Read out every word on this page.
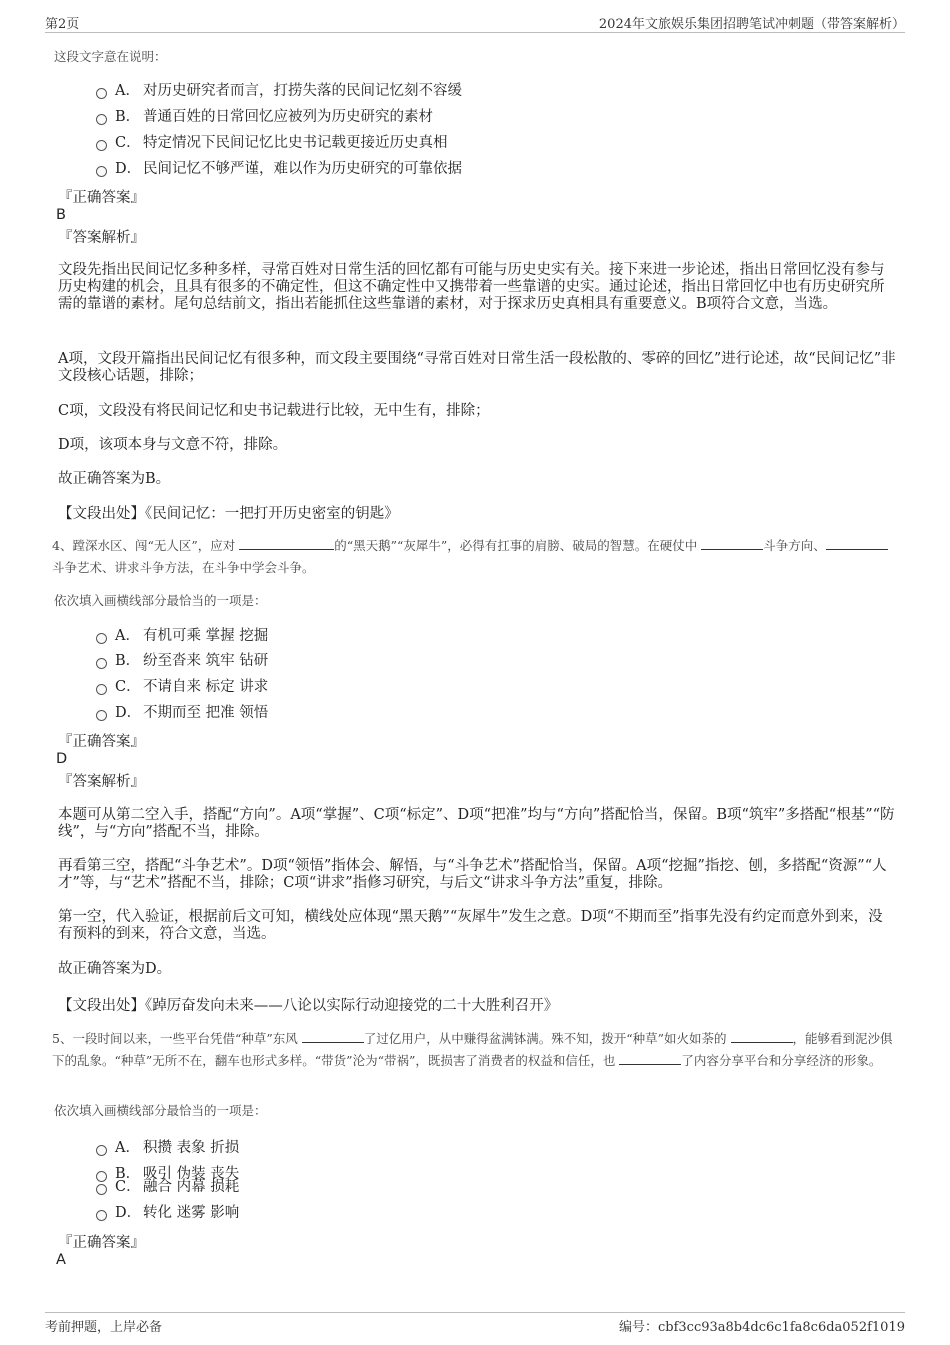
第2页	2024年文旅娱乐集团招聘笔试冲刺题（带答案解析）
这段文字意在说明：
A． 对历史研究者而言，打捞失落的民间记忆刻不容缓
B． 普通百姓的日常回忆应被列为历史研究的素材
C． 特定情况下民间记忆比史书记载更接近历史真相
D． 民间记忆不够严谨，难以作为历史研究的可靠依据
『正确答案』
B
『答案解析』
文段先指出民间记忆多种多样，寻常百姓对日常生活的回忆都有可能与历史史实有关。接下来进一步论述，指出日常回忆没有参与历史构建的机会，且具有很多的不确定性，但这不确定性中又携带着一些靠谱的史实。通过论述，指出日常回忆中也有历史研究所需的靠谱的素材。尾句总结前文，指出若能抓住这些靠谱的素材，对于探求历史真相具有重要意义。B项符合文意，当选。
A项，文段开篇指出民间记忆有很多种，而文段主要围绕“寻常百姓对日常生活一段松散的、零碎的回忆”进行论述，故“民间记忆”非文段核心话题，排除；
C项，文段没有将民间记忆和史书记载进行比较，无中生有，排除；
D项，该项本身与文意不符，排除。
故正确答案为B。
【文段出处】《民间记忆：一把打开历史密室的钥匙》
4、蹚深水区、闯“无人区”，应对	的“黑天鹅”“灰犀牛”，必得有扛事的肩膀、破局的智慧。在硬仗中	斗争方向、斗争艺术、讲求斗争方法，在斗争中学会斗争。
依次填入画横线部分最恰当的一项是：
A． 有机可乘 掌握 挖掘
B． 纷至沓来 筑牢 钻研
C． 不请自来 标定 讲求
D． 不期而至 把准 领悟
『正确答案』
D
『答案解析』
本题可从第二空入手，搭配“方向”。A项“掌握”、C项“标定”、D项“把准”均与“方向”搭配恰当，保留。B项“筑牢”多搭配“根基”“防线”，与“方向”搭配不当，排除。
再看第三空，搭配“斗争艺术”。D项“领悟”指体会、解悟，与“斗争艺术”搭配恰当，保留。A项“挖掘”指挖、刨，多搭配“资源”“人才”等，与“艺术”搭配不当，排除；C项“讲求”指修习研究，与后文“讲求斗争方法”重复，排除。
第一空，代入验证，根据前后文可知，横线处应体现“黑天鹅”“灰犀牛”发生之意。D项“不期而至”指事先没有约定而意外到来，没有预料的到来，符合文意，当选。
故正确答案为D。
【文段出处】《踔厉奋发向未来——八论以实际行动迎接党的二十大胜利召开》
5、一段时间以来，一些平台凭借“种草”东风	了过亿用户，从中赚得盆满钵满。殊不知，拨开“种草”如火如荼的	，能够看到泥沙俱下的乱象。“种草”无所不在，翻车也形式多样。“带货”沦为“带祸”，既损害了消费者的权益和信任，也	了内容分享平台和分享经济的形象。
依次填入画横线部分最恰当的一项是：
A． 积攒 表象 折损
B． 吸引 伪装 丧失
C． 融合 内幕 损耗
D． 转化 迷雾 影响
『正确答案』
A
考前押题，上岸必备	编号：cbf3cc93a8b4dc6c1fa8c6da052f1019
